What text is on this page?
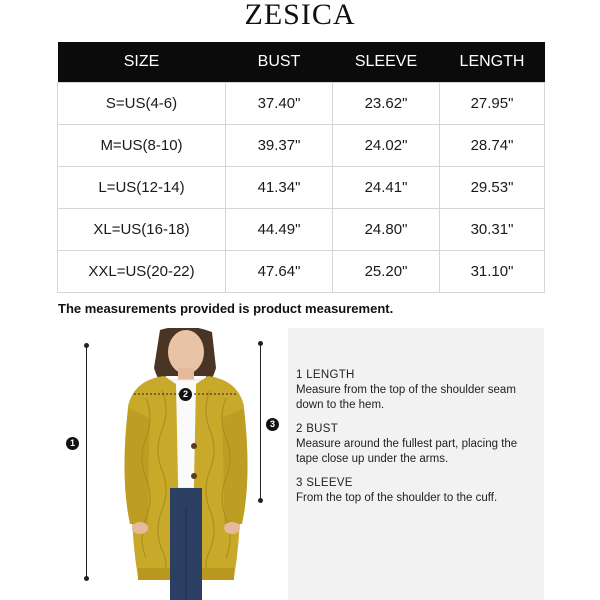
ZESICA
SIZE	BUST	SLEEVE	LENGTH
S=US(4-6)	37.40"	23.62"	27.95"
M=US(8-10)	39.37"	24.02"	28.74"
L=US(12-14)	41.34"	24.41"	29.53"
XL=US(16-18)	44.49"	24.80"	30.31"
XXL=US(20-22)	47.64"	25.20"	31.10"
The measurements provided is product measurement.
1
3
2
1 LENGTH
Measure from the top of the shoulder seam down to the hem.
2 BUST
Measure around the fullest part, placing the tape close up under the arms.
3 SLEEVE
From the top of the shoulder to the cuff.
